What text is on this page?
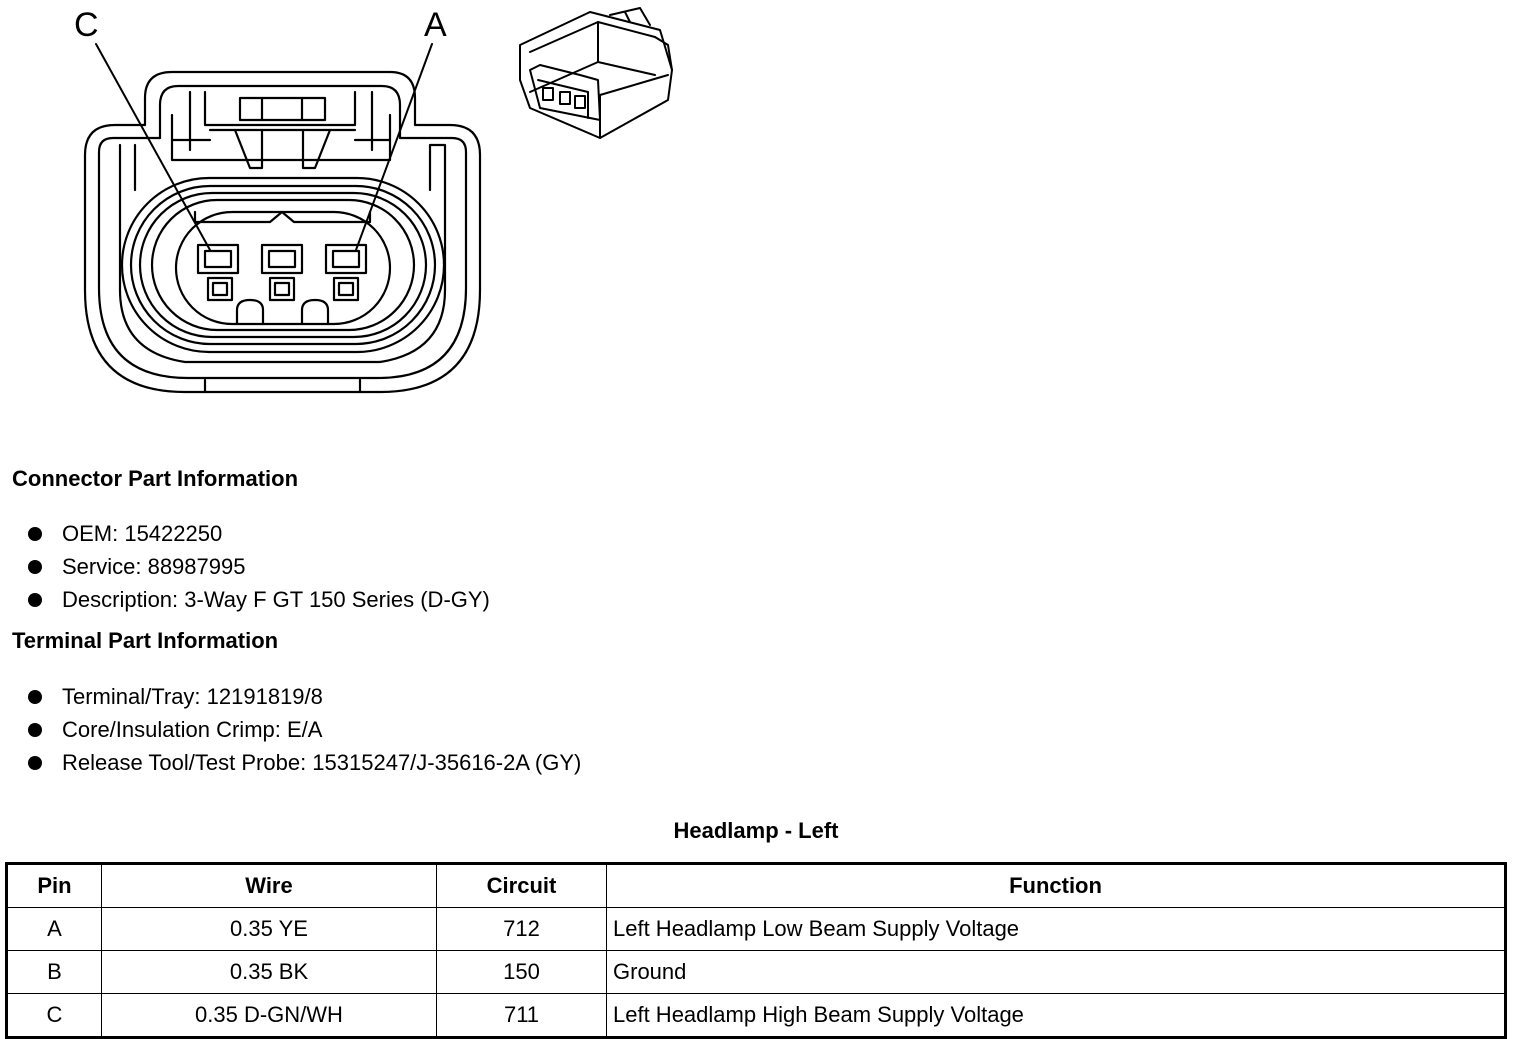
C	A
Connector Part Information
OEM: 15422250
Service: 88987995
Description: 3-Way F GT 150 Series (D-GY)
Terminal Part Information
Terminal/Tray: 12191819/8
Core/Insulation Crimp: E/A
Release Tool/Test Probe: 15315247/J-35616-2A (GY)
Headlamp - Left
Pin	Wire	Circuit	Function
A	0.35 YE	712	Left Headlamp Low Beam Supply Voltage
B	0.35 BK	150	Ground
C	0.35 D-GN/WH	711	Left Headlamp High Beam Supply Voltage
